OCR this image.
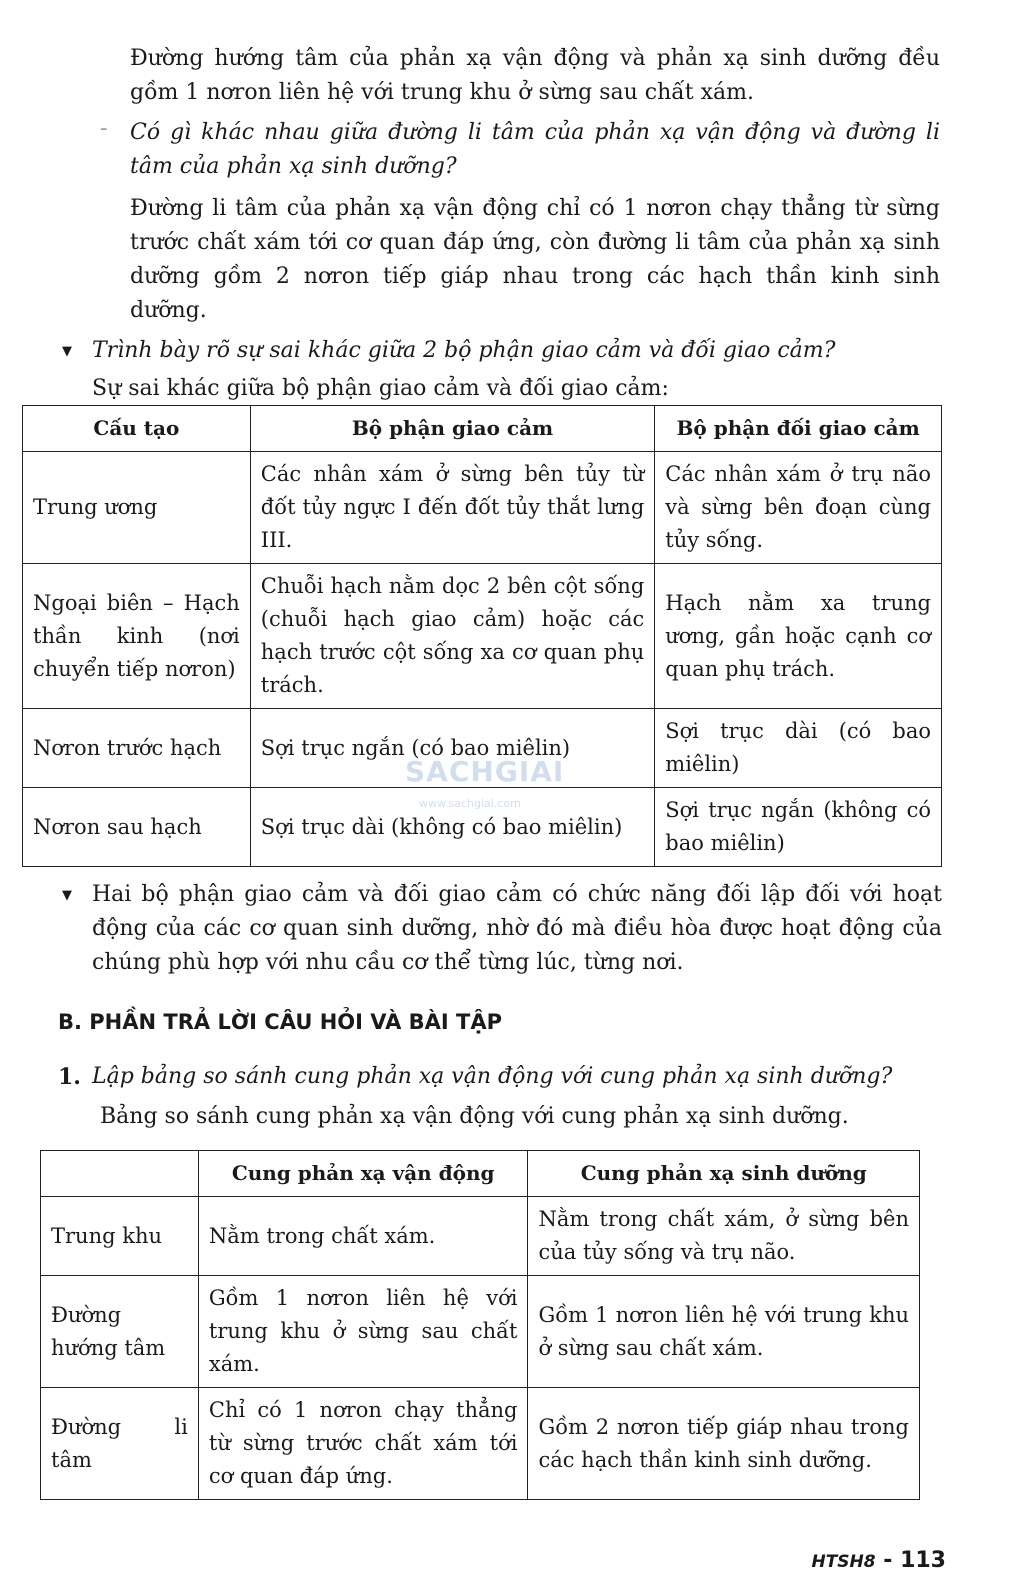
Đường hướng tâm của phản xạ vận động và phản xạ sinh dưỡng đều gồm 1 nơron liên hệ với trung khu ở sừng sau chất xám.

- Có gì khác nhau giữa đường li tâm của phản xạ vận động và đường li tâm của phản xạ sinh dưỡng?

Đường li tâm của phản xạ vận động chỉ có 1 nơron chạy thẳng từ sừng trước chất xám tới cơ quan đáp ứng, còn đường li tâm của phản xạ sinh dưỡng gồm 2 nơron tiếp giáp nhau trong các hạch thần kinh sinh dưỡng.

▼ Trình bày rõ sự sai khác giữa 2 bộ phận giao cảm và đối giao cảm?

Sự sai khác giữa bộ phận giao cảm và đối giao cảm:

Cấu tạo	Bộ phận giao cảm	Bộ phận đối giao cảm
Trung ương	Các nhân xám ở sừng bên tủy từ đốt tủy ngực I đến đốt tủy thắt lưng III.	Các nhân xám ở trụ não và sừng bên đoạn cùng tủy sống.
Ngoại biên – Hạch thần kinh (nơi chuyển tiếp nơron)	Chuỗi hạch nằm dọc 2 bên cột sống (chuỗi hạch giao cảm) hoặc các hạch trước cột sống xa cơ quan phụ trách.	Hạch nằm xa trung ương, gần hoặc cạnh cơ quan phụ trách.
Nơron trước hạch	Sợi trục ngắn (có bao miêlin)	Sợi trục dài (có bao miêlin)
Nơron sau hạch	Sợi trục dài (không có bao miêlin)	Sợi trục ngắn (không có bao miêlin)
SACHGIAI
www.sachgiai.com
▼ Hai bộ phận giao cảm và đối giao cảm có chức năng đối lập đối với hoạt động của các cơ quan sinh dưỡng, nhờ đó mà điều hòa được hoạt động của chúng phù hợp với nhu cầu cơ thể từng lúc, từng nơi.

B. PHẦN TRẢ LỜI CÂU HỎI VÀ BÀI TẬP
1. Lập bảng so sánh cung phản xạ vận động với cung phản xạ sinh dưỡng?

Bảng so sánh cung phản xạ vận động với cung phản xạ sinh dưỡng.

	Cung phản xạ vận động	Cung phản xạ sinh dưỡng
Trung khu	Nằm trong chất xám.	Nằm trong chất xám, ở sừng bên của tủy sống và trụ não.
Đường hướng tâm	Gồm 1 nơron liên hệ với trung khu ở sừng sau chất xám.	Gồm 1 nơron liên hệ với trung khu ở sừng sau chất xám.
Đường li tâm	Chỉ có 1 nơron chạy thẳng từ sừng trước chất xám tới cơ quan đáp ứng.	Gồm 2 nơron tiếp giáp nhau trong các hạch thần kinh sinh dưỡng.
HTSH8 - 113
